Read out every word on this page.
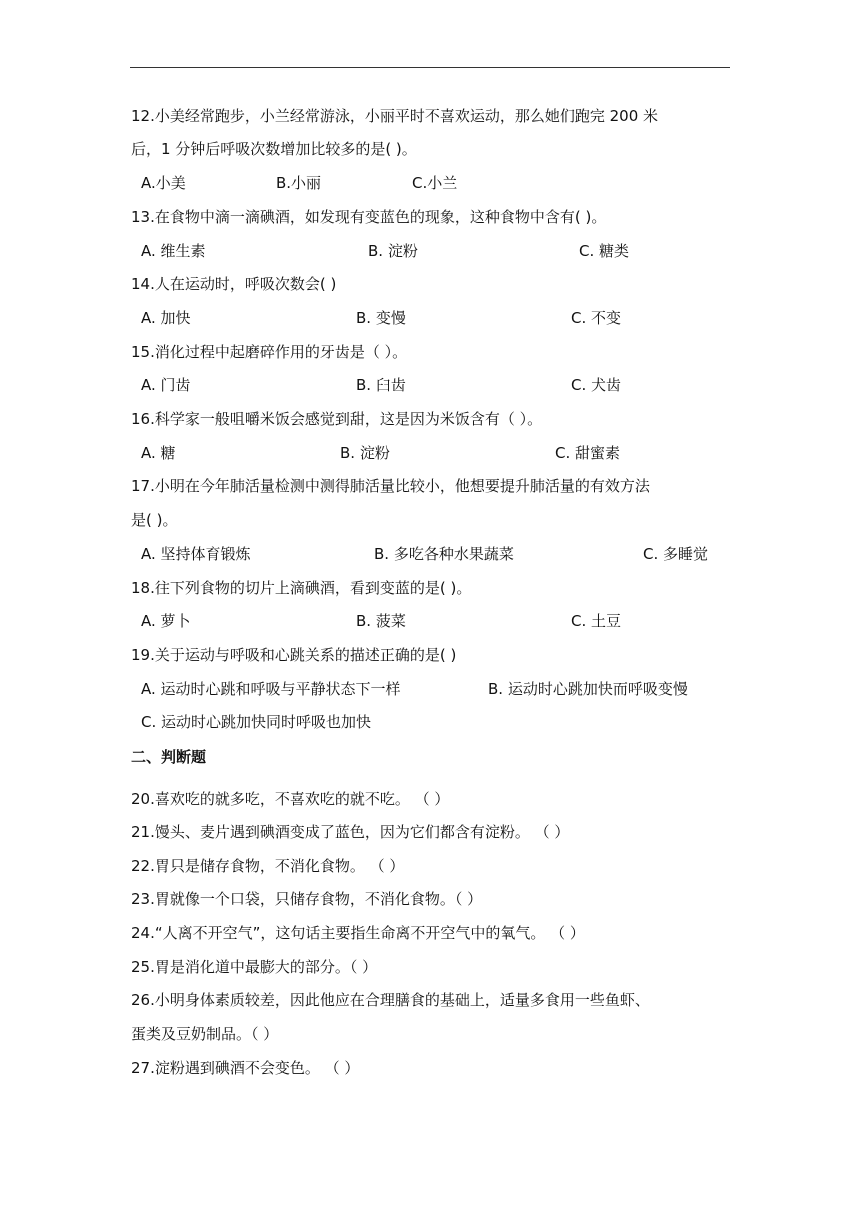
12.小美经常跑步，小兰经常游泳，小丽平时不喜欢运动，那么她们跑完 200 米
后，1 分钟后呼吸次数增加比较多的是( )。
A.小美	B.小丽	C.小兰
13.在食物中滴一滴碘酒，如发现有变蓝色的现象，这种食物中含有( )。
A. 维生素	B. 淀粉	C. 糖类
14.人在运动时，呼吸次数会( )
A. 加快	B. 变慢	C. 不变
15.消化过程中起磨碎作用的牙齿是（ ）。
A. 门齿	B. 臼齿	C. 犬齿
16.科学家一般咀嚼米饭会感觉到甜，这是因为米饭含有（ ）。
A. 糖	B. 淀粉	C. 甜蜜素
17.小明在今年肺活量检测中测得肺活量比较小，他想要提升肺活量的有效方法
是( )。
A. 坚持体育锻炼	B. 多吃各种水果蔬菜	C. 多睡觉
18.往下列食物的切片上滴碘酒，看到变蓝的是( )。
A. 萝卜	B. 菠菜	C. 土豆
19.关于运动与呼吸和心跳关系的描述正确的是( )
A. 运动时心跳和呼吸与平静状态下一样	B. 运动时心跳加快而呼吸变慢
C. 运动时心跳加快同时呼吸也加快
二、判断题
20.喜欢吃的就多吃，不喜欢吃的就不吃。 （ ）
21.馒头、麦片遇到碘酒变成了蓝色，因为它们都含有淀粉。 （ ）
22.胃只是储存食物，不消化食物。 （ ）
23.胃就像一个口袋，只储存食物，不消化食物。（ ）
24.“人离不开空气”，这句话主要指生命离不开空气中的氧气。 （ ）
25.胃是消化道中最膨大的部分。（ ）
26.小明身体素质较差，因此他应在合理膳食的基础上，适量多食用一些鱼虾、
蛋类及豆奶制品。（ ）
27.淀粉遇到碘酒不会变色。 （ ）
